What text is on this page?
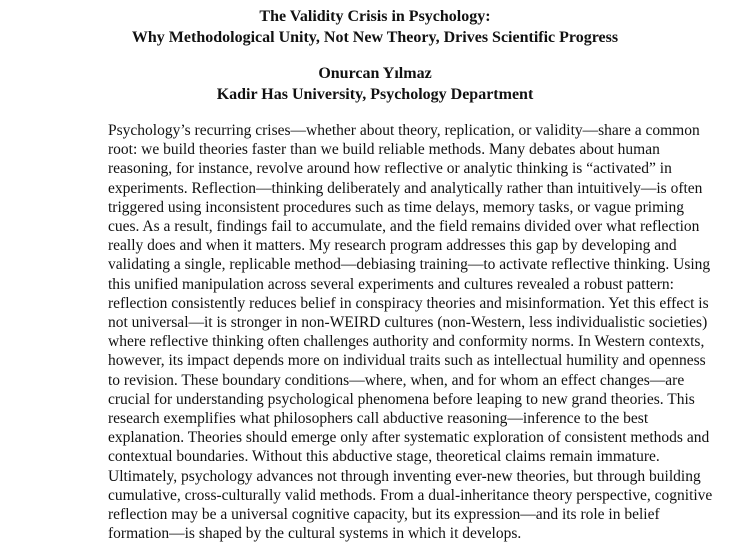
The Validity Crisis in Psychology:
Why Methodological Unity, Not New Theory, Drives Scientific Progress
Onurcan Yılmaz
Kadir Has University, Psychology Department

Psychology’s recurring crises—whether about theory, replication, or validity—share a common
root: we build theories faster than we build reliable methods. Many debates about human
reasoning, for instance, revolve around how reflective or analytic thinking is “activated” in
experiments. Reflection—thinking deliberately and analytically rather than intuitively—is often
triggered using inconsistent procedures such as time delays, memory tasks, or vague priming
cues. As a result, findings fail to accumulate, and the field remains divided over what reflection
really does and when it matters. My research program addresses this gap by developing and
validating a single, replicable method—debiasing training—to activate reflective thinking. Using
this unified manipulation across several experiments and cultures revealed a robust pattern:
reflection consistently reduces belief in conspiracy theories and misinformation. Yet this effect is
not universal—it is stronger in non-WEIRD cultures (non-Western, less individualistic societies)
where reflective thinking often challenges authority and conformity norms. In Western contexts,
however, its impact depends more on individual traits such as intellectual humility and openness
to revision. These boundary conditions—where, when, and for whom an effect changes—are
crucial for understanding psychological phenomena before leaping to new grand theories. This
research exemplifies what philosophers call abductive reasoning—inference to the best
explanation. Theories should emerge only after systematic exploration of consistent methods and
contextual boundaries. Without this abductive stage, theoretical claims remain immature.
Ultimately, psychology advances not through inventing ever-new theories, but through building
cumulative, cross-culturally valid methods. From a dual-inheritance theory perspective, cognitive
reflection may be a universal cognitive capacity, but its expression—and its role in belief
formation—is shaped by the cultural systems in which it develops.
